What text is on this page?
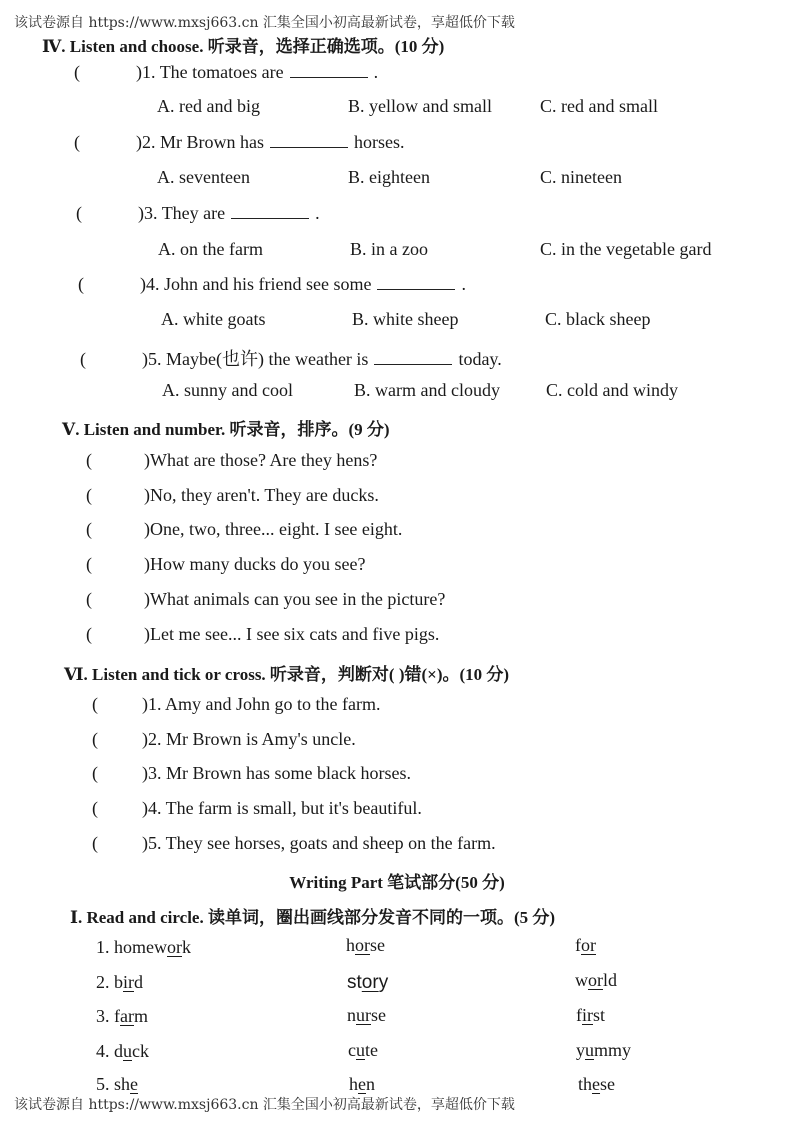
该试卷源自 https://www.mxsj663.cn 汇集全国小初高最新试卷，享超低价下载
该试卷源自 https://www.mxsj663.cn 汇集全国小初高最新试卷，享超低价下载
Ⅳ. Listen and choose. 听录音，选择正确选项。(10 分)
(	)1. The tomatoes are	.
A. red and big	B. yellow and small	C. red and small
(	)2. Mr Brown has	horses.
A. seventeen	B. eighteen	C. nineteen
(	)3. They are	.
A. on the farm	B. in a zoo	C. in the vegetable gard
(	)4. John and his friend see some	.
A. white goats	B. white sheep	C. black sheep
(	)5. Maybe(也许) the weather is	today.
A. sunny and cool	B. warm and cloudy	C. cold and windy
Ⅴ. Listen and number. 听录音，排序。(9 分)
(	)What are those? Are they hens?
(	)No, they aren't. They are ducks.
(	)One, two, three... eight. I see eight.
(	)How many ducks do you see?
(	)What animals can you see in the picture?
(	)Let me see... I see six cats and five pigs.
Ⅵ. Listen and tick or cross. 听录音，判断对( )错(×)。(10 分)
( )1. Amy and John go to the farm.
( )2. Mr Brown is Amy's uncle.
( )3. Mr Brown has some black horses.
( )4. The farm is small, but it's beautiful.
( )5. They see horses, goats and sheep on the farm.
Writing Part 笔试部分(50 分)
Ⅰ. Read and circle. 读单词，圈出画线部分发音不同的一项。(5 分)
1. homework	horse	for
2. bird	story	world
3. farm	nurse	first
4. duck	cute	yummy
5. she	hen	these
